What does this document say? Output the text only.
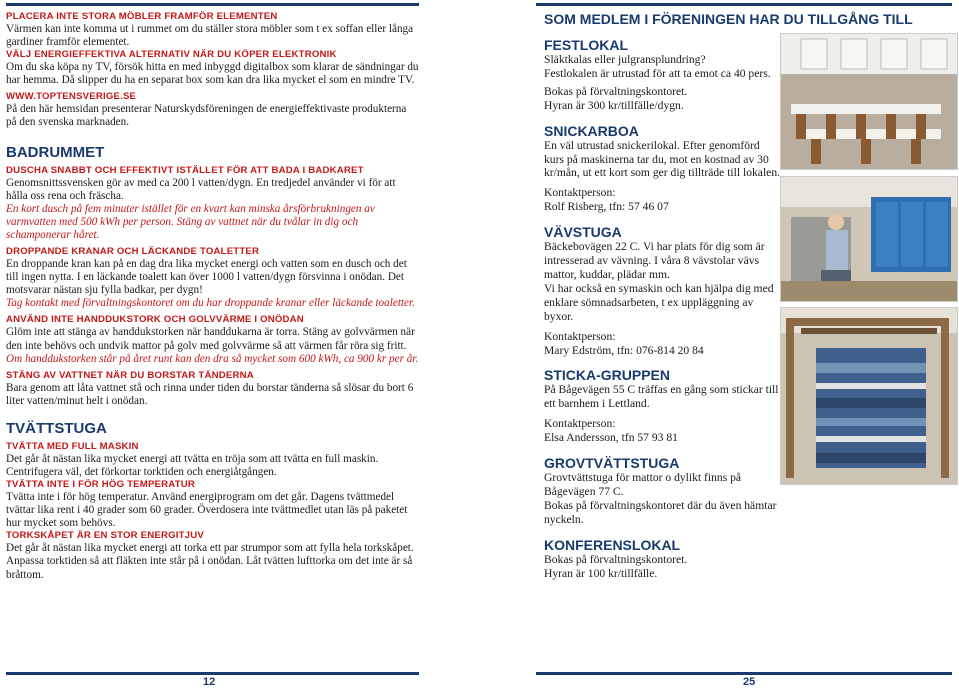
12	25

PLACERA INTE STORA MÖBLER FRAMFÖR ELEMENTEN

Värmen kan inte komma ut i rummet om du ställer stora möbler som t ex soffan eller långa gardiner framför elementet.

VÄLJ ENERGIEFFEKTIVA ALTERNATIV NÄR DU KÖPER ELEKTRONIK

Om du ska köpa ny TV, försök hitta en med inbyggd digitalbox som klarar de sändningar du har hemma. Då slipper du ha en separat box som kan dra lika mycket el som en mindre TV.

WWW.TOPTENSVERIGE.SE

På den här hemsidan presenterar Naturskydsföreningen de energieffektivaste produkterna på den svenska marknaden.

BADRUMMET

DUSCHA SNABBT OCH EFFEKTIVT ISTÄLLET FÖR ATT BADA I BADKARET

Genomsnittssvensken gör av med ca 200 l vatten/dygn. En tredjedel använder vi för att hålla oss rena och fräscha.

En kort dusch på fem minuter istället för en kvart kan minska årsförbrukningen av varmvatten med 500 kWh per person. Stäng av vattnet när du tvålar in dig och schamponerar håret.

DROPPANDE KRANAR OCH LÄCKANDE TOALETTER

En droppande kran kan på en dag dra lika mycket energi och vatten som en dusch och det till ingen nytta. I en läckande toalett kan över 1000 l vatten/dygn försvinna i onödan. Det motsvarar nästan sju fylla badkar, per dygn!

Tag kontakt med förvaltningskontoret om du har droppande kranar eller läckande toaletter.

ANVÄND INTE HANDDUKSTORK OCH GOLVVÄRME I ONÖDAN

Glöm inte att stänga av handdukstorken när handdukarna är torra. Stäng av golvvärmen när den inte behövs och undvik mattor på golv med golvvärme så att värmen får röra sig fritt.

Om handdukstorken står på året runt kan den dra så mycket som 600 kWh, ca 900 kr per år.

STÄNG AV VATTNET NÄR DU BORSTAR TÄNDERNA

Bara genom att låta vattnet stå och rinna under tiden du borstar tänderna så slösar du bort 6 liter vatten/minut helt i onödan.

TVÄTTSTUGA

TVÄTTA MED FULL MASKIN

Det går åt nästan lika mycket energi att tvätta en tröja som att tvätta en full maskin. Centrifugera väl, det förkortar torktiden och energiåtgången.

TVÄTTA INTE I FÖR HÖG TEMPERATUR

Tvätta inte i för hög temperatur. Använd energiprogram om det går. Dagens tvättmedel tvättar lika rent i 40 grader som 60 grader. Överdosera inte tvättmedlet utan läs på paketet hur mycket som behövs.

TORKSKÅPET ÄR EN STOR ENERGITJUV

Det går åt nästan lika mycket energi att torka ett par strumpor som att fylla hela torkskåpet. Anpassa torktiden så att fläkten inte står på i onödan. Låt tvätten lufttorka om det inte är så bråttom.

SOM MEDLEM I FÖRENINGEN HAR DU TILLGÅNG TILL

FESTLOKAL

Släktkalas eller julgransplundring?

Festlokalen är utrustad för att ta emot ca 40 pers.

Bokas på förvaltningskontoret.

Hyran är 300 kr/tillfälle/dygn.

SNICKARBOA

En väl utrustad snickerilokal. Efter genomförd kurs på maskinerna tar du, mot en kostnad av 30 kr/mån, ut ett kort som ger dig tillträde till lokalen.

Kontaktperson:

Rolf Risberg, tfn: 57 46 07

VÄVSTUGA

Bäckebovägen 22 C. Vi har plats för dig som är intresserad av vävning. I våra 8 vävstolar vävs mattor, kuddar, plädar mm.

Vi har också en symaskin och kan hjälpa dig med enklare sömnadsarbeten, t ex uppläggning av byxor.

Kontaktperson:

Mary Edström, tfn: 076-814 20 84

STICKA-GRUPPEN

På Bågevägen 55 C träffas en gång som stickar till ett barnhem i Lettland.

Kontaktperson:

Elsa Andersson, tfn 57 93 81

GROVTVÄTTSTUGA

Grovtvättstuga för mattor o dylikt finns på Bågevägen 77 C.

Bokas på förvaltningskontoret där du även hämtar nyckeln.

KONFERENSLOKAL

Bokas på förvaltningskontoret.

Hyran är 100 kr/tillfälle.
